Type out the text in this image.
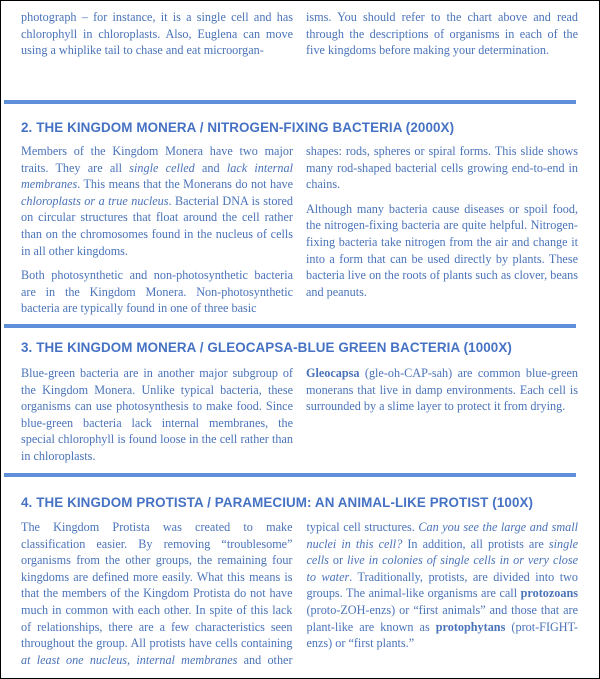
photograph – for instance, it is a single cell and has chlorophyll in chloroplasts. Also, Euglena can move using a whiplike tail to chase and eat microorgan-

isms. You should refer to the chart above and read through the descriptions of organisms in each of the five kingdoms before making your determination.

2. THE KINGDOM MONERA / NITROGEN-FIXING BACTERIA (2000X)

Members of the Kingdom Monera have two major traits. They are all single celled and lack internal membranes. This means that the Monerans do not have chloroplasts or a true nucleus. Bacterial DNA is stored on circular structures that float around the cell rather than on the chromosomes found in the nucleus of cells in all other kingdoms.

Both photosynthetic and non-photosynthetic bacteria are in the Kingdom Monera. Non-photosynthetic bacteria are typically found in one of three basic

shapes: rods, spheres or spiral forms. This slide shows many rod-shaped bacterial cells growing end-to-end in chains.

Although many bacteria cause diseases or spoil food, the nitrogen-fixing bacteria are quite helpful. Nitrogen-fixing bacteria take nitrogen from the air and change it into a form that can be used directly by plants. These bacteria live on the roots of plants such as clover, beans and peanuts.

3. THE KINGDOM MONERA / GLEOCAPSA-BLUE GREEN BACTERIA (1000X)

Blue-green bacteria are in another major subgroup of the Kingdom Monera. Unlike typical bacteria, these organisms can use photosynthesis to make food. Since blue-green bacteria lack internal membranes, the special chlorophyll is found loose in the cell rather than in chloroplasts.

Gleocapsa (gle-oh-CAP-sah) are common blue-green monerans that live in damp environments. Each cell is surrounded by a slime layer to protect it from drying.

4. THE KINGDOM PROTISTA / PARAMECIUM: AN ANIMAL-LIKE PROTIST (100X)

The Kingdom Protista was created to make classification easier. By removing “troublesome” organisms from the other groups, the remaining four kingdoms are defined more easily. What this means is that the members of the Kingdom Protista do not have much in common with each other. In spite of this lack of relationships, there are a few characteristics seen throughout the group. All protists have cells containing at least one nucleus, internal membranes and other typical cell structures. Can you see the large and small nuclei in this cell? In addition, all protists are single cells or live in colonies of single cells in or very close to water. Traditionally, protists, are divided into two groups. The animal-like organisms are call protozoans (proto-ZOH-enzs) or “first animals” and those that are plant-like are known as protophytans (prot-FIGHT-enzs) or “first plants.”
